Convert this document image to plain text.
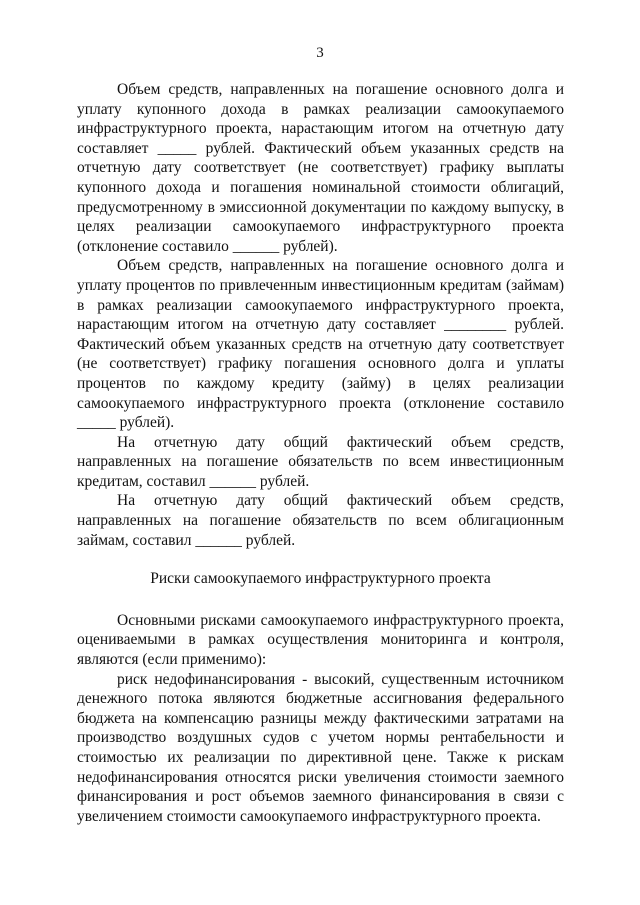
3

Объем средств, направленных на погашение основного долга и уплату купонного дохода в рамках реализации самоокупаемого инфраструктурного проекта, нарастающим итогом на отчетную дату составляет _____ рублей. Фактический объем указанных средств на отчетную дату соответствует (не соответствует) графику выплаты купонного дохода и погашения номинальной стоимости облигаций, предусмотренному в эмиссионной документации по каждому выпуску, в целях реализации самоокупаемого инфраструктурного проекта (отклонение составило ______ рублей).

Объем средств, направленных на погашение основного долга и уплату процентов по привлеченным инвестиционным кредитам (займам) в рамках реализации самоокупаемого инфраструктурного проекта, нарастающим итогом на отчетную дату составляет ________ рублей. Фактический объем указанных средств на отчетную дату соответствует (не соответствует) графику погашения основного долга и уплаты процентов по каждому кредиту (займу) в целях реализации самоокупаемого инфраструктурного проекта (отклонение составило _____ рублей).

На отчетную дату общий фактический объем средств, направленных на погашение обязательств по всем инвестиционным кредитам, составил ______ рублей.

На отчетную дату общий фактический объем средств, направленных на погашение обязательств по всем облигационным займам, составил ______ рублей.

Риски самоокупаемого инфраструктурного проекта

Основными рисками самоокупаемого инфраструктурного проекта, оцениваемыми в рамках осуществления мониторинга и контроля, являются (если применимо):

риск недофинансирования - высокий, существенным источником денежного потока являются бюджетные ассигнования федерального бюджета на компенсацию разницы между фактическими затратами на производство воздушных судов с учетом нормы рентабельности и стоимостью их реализации по директивной цене. Также к рискам недофинансирования относятся риски увеличения стоимости заемного финансирования и рост объемов заемного финансирования в связи с увеличением стоимости самоокупаемого инфраструктурного проекта.
